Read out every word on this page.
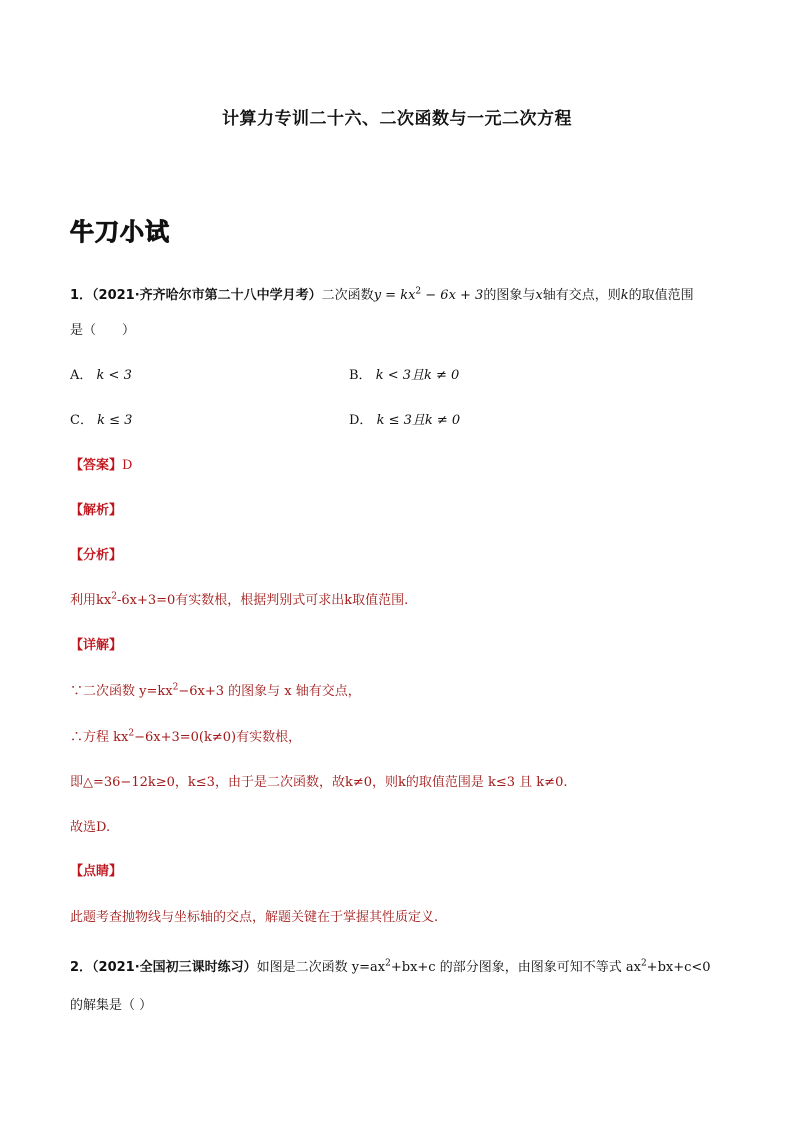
计算力专训二十六、二次函数与一元二次方程
牛刀小试
1．（2021·齐齐哈尔市第二十八中学月考）二次函数$y = kx^2 - 6x + 3$的图象与x轴有交点，则k的取值范围
是（　　）
A． k < 3	B． k < 3且k ≠ 0
C． k ≤ 3	D． k ≤ 3且k ≠ 0
【答案】D
【解析】
【分析】
利用$kx^2-6x+3=0$有实数根，根据判别式可求出k取值范围.
【详解】
∵二次函数 $y=kx^2-6x+3$ 的图象与 x 轴有交点，
∴方程 $kx^2-6x+3=0(k\ne 0)$有实数根，
即△=36−12k≥0，k≤3，由于是二次函数，故k≠0，则k的取值范围是 k≤3 且 k≠0.
故选D.
【点睛】
此题考查抛物线与坐标轴的交点，解题关键在于掌握其性质定义.
2．（2021·全国初三课时练习）如图是二次函数 $y=ax^2+bx+c$ 的部分图象，由图象可知不等式 $ax^2+bx+c<0$
的解集是（ ）
